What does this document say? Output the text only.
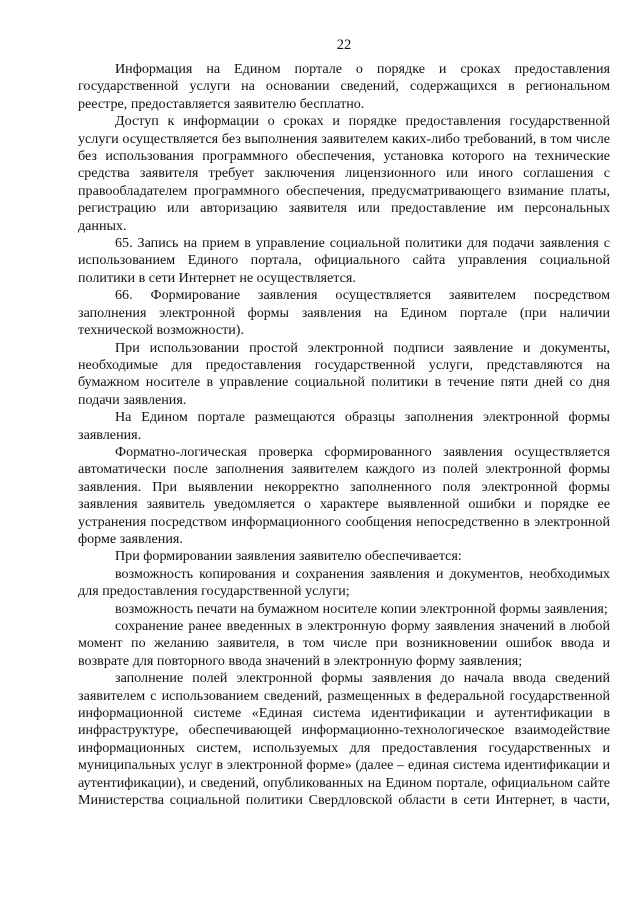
22

Информация на Едином портале о порядке и сроках предоставления государственной услуги на основании сведений, содержащихся в региональном реестре, предоставляется заявителю бесплатно.

Доступ к информации о сроках и порядке предоставления государственной услуги осуществляется без выполнения заявителем каких-либо требований, в том числе без использования программного обеспечения, установка которого на технические средства заявителя требует заключения лицензионного или иного соглашения с правообладателем программного обеспечения, предусматривающего взимание платы, регистрацию или авторизацию заявителя или предоставление им персональных данных.

65. Запись на прием в управление социальной политики для подачи заявления с использованием Единого портала, официального сайта управления социальной политики в сети Интернет не осуществляется.

66. Формирование заявления осуществляется заявителем посредством заполнения электронной формы заявления на Едином портале (при наличии технической возможности).

При использовании простой электронной подписи заявление и документы, необходимые для предоставления государственной услуги, представляются на бумажном носителе в управление социальной политики в течение пяти дней со дня подачи заявления.

На Едином портале размещаются образцы заполнения электронной формы заявления.

Форматно-логическая проверка сформированного заявления осуществляется автоматически после заполнения заявителем каждого из полей электронной формы заявления. При выявлении некорректно заполненного поля электронной формы заявления заявитель уведомляется о характере выявленной ошибки и порядке ее устранения посредством информационного сообщения непосредственно в электронной форме заявления.

При формировании заявления заявителю обеспечивается:

возможность копирования и сохранения заявления и документов, необходимых для предоставления государственной услуги;

возможность печати на бумажном носителе копии электронной формы заявления;

сохранение ранее введенных в электронную форму заявления значений в любой момент по желанию заявителя, в том числе при возникновении ошибок ввода и возврате для повторного ввода значений в электронную форму заявления;

заполнение полей электронной формы заявления до начала ввода сведений заявителем с использованием сведений, размещенных в федеральной государственной информационной системе «Единая система идентификации и аутентификации в инфраструктуре, обеспечивающей информационно-технологическое взаимодействие информационных систем, используемых для предоставления государственных и муниципальных услуг в электронной форме» (далее – единая система идентификации и аутентификации), и сведений, опубликованных на Едином портале, официальном сайте Министерства социальной политики Свердловской области в сети Интернет, в части,
